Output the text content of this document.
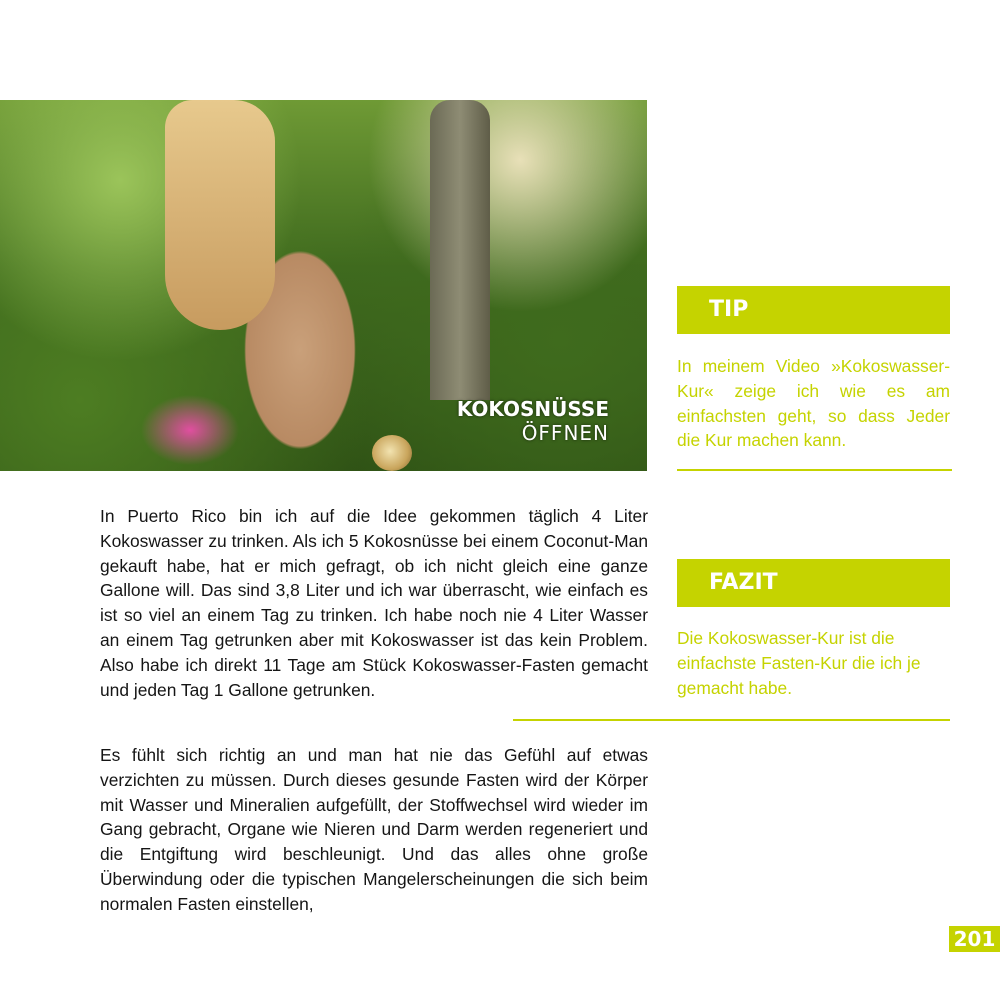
KOKOSNÜSSE
ÖFFNEN

In Puerto Rico bin ich auf die Idee gekommen täglich 4 Liter Kokoswasser zu trinken. Als ich 5 Kokosnüsse bei einem Coconut-Man gekauft habe, hat er mich gefragt, ob ich nicht gleich eine ganze Gallone will. Das sind 3,8 Liter und ich war überrascht, wie einfach es ist so viel an einem Tag zu trinken. Ich habe noch nie 4 Liter Wasser an einem Tag getrunken aber mit Kokoswasser ist das kein Problem. Also habe ich direkt 11 Tage am Stück Kokoswasser-Fasten gemacht und jeden Tag 1 Gallone getrunken.

Es fühlt sich richtig an und man hat nie das Gefühl auf etwas verzichten zu müssen. Durch dieses gesunde Fasten wird der Körper mit Wasser und Mineralien aufgefüllt, der Stoffwechsel wird wieder im Gang gebracht, Organe wie Nieren und Darm werden regeneriert und die Entgiftung wird beschleunigt. Und das alles ohne große Überwindung oder die typischen Mangelerscheinungen die sich beim normalen Fasten einstellen,

TIP

In meinem Video »Kokoswasser-Kur« zeige ich wie es am einfachsten geht, so dass Jeder die Kur machen kann.

FAZIT

Die Kokoswasser-Kur ist die einfachste Fasten-Kur die ich je gemacht habe.

201
